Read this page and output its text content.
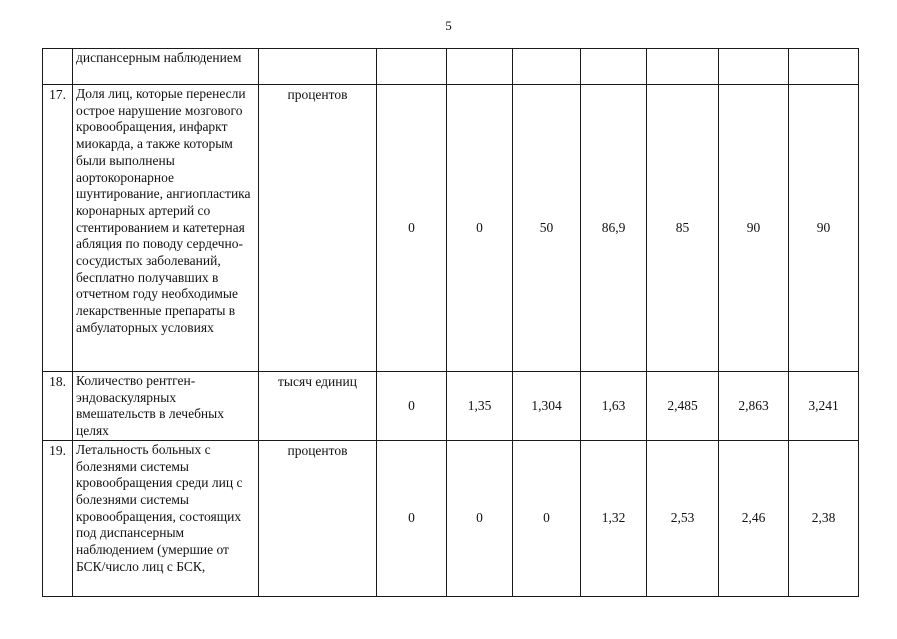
5
	диспансерным наблюдением								
17.	Доля лиц, которые перенесли острое нарушение мозгового кровообращения, инфаркт миокарда, а также которым были выполнены аортокоронарное шунтирование, ангиопластика коронарных артерий со стентированием и катетерная абляция по поводу сердечно-сосудистых заболеваний, бесплатно получавших в отчетном году необходимые лекарственные препараты в амбулаторных условиях	процентов	0	0	50	86,9	85	90	90
18.	Количество рентген-эндоваскулярных вмешательств в лечебных целях	тысяч единиц	0	1,35	1,304	1,63	2,485	2,863	3,241
19.	Летальность больных с болезнями системы кровообращения среди лиц с болезнями системы кровообращения, состоящих под диспансерным наблюдением (умершие от БСК/число лиц с БСК,	процентов	0	0	0	1,32	2,53	2,46	2,38
